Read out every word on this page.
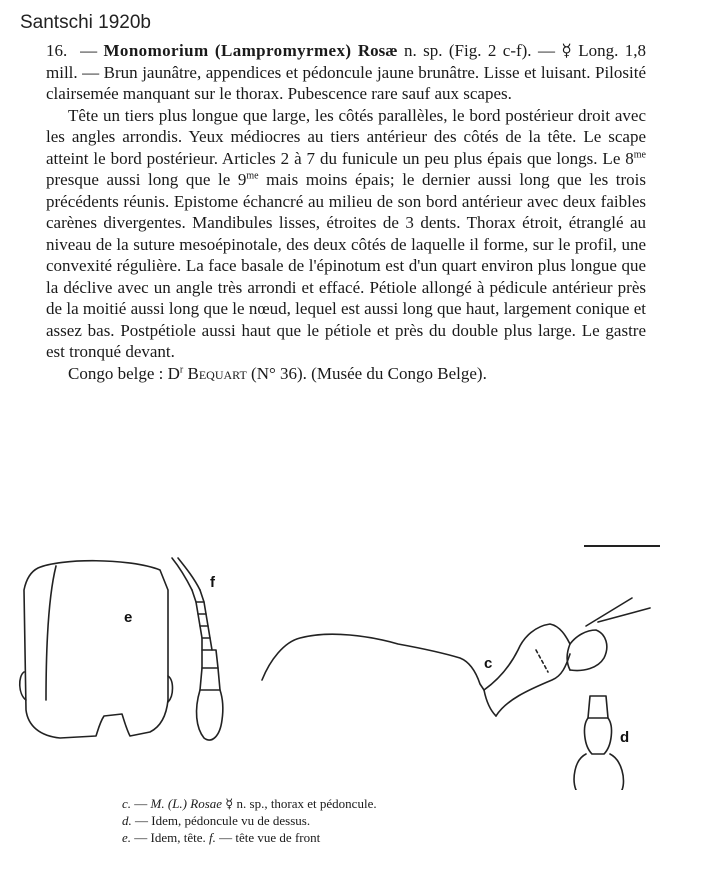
Santschi 1920b

16. — Monomorium (Lampromyrmex) Rosæ n. sp. (Fig. 2 c-f). — ☿ Long. 1,8 mill. — Brun jaunâtre, appendices et pédoncule jaune brunâtre. Lisse et luisant. Pilosité clairsemée manquant sur le thorax. Pubescence rare sauf aux scapes.

Tête un tiers plus longue que large, les côtés parallèles, le bord postérieur droit avec les angles arrondis. Yeux médiocres au tiers antérieur des côtés de la tête. Le scape atteint le bord postérieur. Articles 2 à 7 du funicule un peu plus épais que longs. Le $8^{me}$ presque aussi long que le $9^{me}$ mais moins épais; le dernier aussi long que les trois précédents réunis. Epistome échancré au milieu de son bord antérieur avec deux faibles carènes divergentes. Mandibules lisses, étroites de 3 dents. Thorax étroit, étranglé au niveau de la suture mesoépinotale, des deux côtés de laquelle il forme, sur le profil, une convexité régulière. La face basale de l'épinotum est d'un quart environ plus longue que la déclive avec un angle très arrondi et effacé. Pétiole allongé à pédicule antérieur près de la moitié aussi long que le nœud, lequel est aussi long que haut, largement conique et assez bas. Postpétiole aussi haut que le pétiole et près du double plus large. Le gastre est tronqué devant.

Congo belge : $D^r$ Bequart (N° 36). (Musée du Congo Belge).

e
f
c
d
c. — M. (L.) Rosae ☿ n. sp., thorax et pédoncule.
d. — Idem, pédoncule vu de dessus.
e. — Idem, tête. f. — tête vue de front
